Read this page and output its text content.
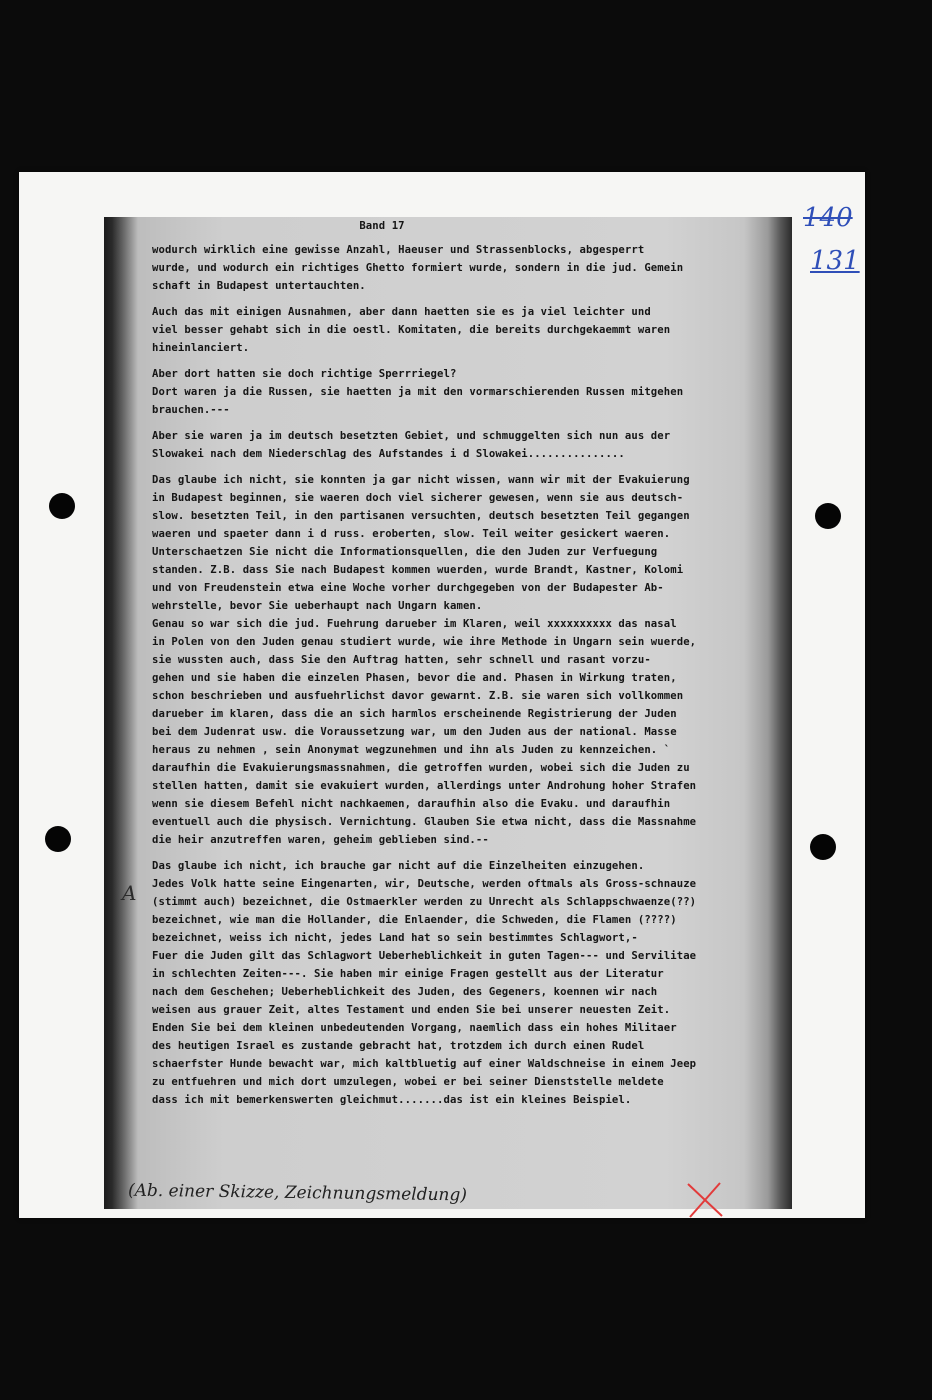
140
131
Band 17
wodurch wirklich eine gewisse Anzahl, Haeuser und Strassenblocks, abgesperrt
wurde, und wodurch ein richtiges Ghetto formiert wurde, sondern in die jud. Gemein
schaft in Budapest untertauchten.
Auch das mit einigen Ausnahmen, aber dann haetten sie es ja viel leichter und
viel besser gehabt sich in die oestl. Komitaten, die bereits durchgekaemmt waren
hineinlanciert.
Aber dort hatten sie doch richtige Sperrriegel?
Dort waren ja die Russen, sie haetten ja mit den vormarschierenden Russen mitgehen
brauchen.---
Aber sie waren ja im deutsch besetzten Gebiet, und schmuggelten sich nun aus der
Slowakei nach dem Niederschlag des Aufstandes i d Slowakei...............
Das glaube ich nicht, sie konnten ja gar nicht wissen, wann wir mit der Evakuierung
in Budapest beginnen, sie waeren doch viel sicherer gewesen, wenn sie aus deutsch-
slow. besetzten Teil, in den partisanen versuchten, deutsch besetzten Teil gegangen
waeren und spaeter dann i d russ. eroberten, slow. Teil weiter gesickert waeren.
Unterschaetzen Sie nicht die Informationsquellen, die den Juden zur Verfuegung
standen. Z.B. dass Sie nach Budapest kommen wuerden, wurde Brandt, Kastner, Kolomi
und von Freudenstein etwa eine Woche vorher durchgegeben von der Budapester Ab-
wehrstelle, bevor Sie ueberhaupt nach Ungarn kamen.
Genau so war sich die jud. Fuehrung darueber im Klaren, weil xxxxxxxxxx das nasal
in Polen von den Juden genau studiert wurde, wie ihre Methode in Ungarn sein wuerde,
sie wussten auch, dass Sie den Auftrag hatten, sehr schnell und rasant vorzu-
gehen und sie haben die einzelen Phasen, bevor die and. Phasen in Wirkung traten,
schon beschrieben und ausfuehrlichst davor gewarnt. Z.B. sie waren sich vollkommen
darueber im klaren, dass die an sich harmlos erscheinende Registrierung der Juden
bei dem Judenrat usw. die Voraussetzung war, um den Juden aus der national. Masse
heraus zu nehmen , sein Anonymat wegzunehmen und ihn als Juden zu kennzeichen. `
daraufhin die Evakuierungsmassnahmen, die getroffen wurden, wobei sich die Juden zu
stellen hatten, damit sie evakuiert wurden, allerdings unter Androhung hoher Strafen
wenn sie diesem Befehl nicht nachkaemen, daraufhin also die Evaku. und daraufhin
eventuell auch die physisch. Vernichtung. Glauben Sie etwa nicht, dass die Massnahme
die heir anzutreffen waren, geheim geblieben sind.--
Das glaube ich nicht, ich brauche gar nicht auf die Einzelheiten einzugehen.
Jedes Volk hatte seine Eingenarten, wir, Deutsche, werden oftmals als Gross-schnauze
(stimmt auch) bezeichnet, die Ostmaerkler werden zu Unrecht als Schlappschwaenze(??)
bezeichnet, wie man die Hollander, die Enlaender, die Schweden, die Flamen (????)
bezeichnet, weiss ich nicht, jedes Land hat so sein bestimmtes Schlagwort,-
Fuer die Juden gilt das Schlagwort Ueberheblichkeit in guten Tagen--- und Servilitae
in schlechten Zeiten---. Sie haben mir einige Fragen gestellt aus der Literatur
nach dem Geschehen; Ueberheblichkeit des Juden, des Gegeners, koennen wir nach
weisen aus grauer Zeit, altes Testament und enden Sie bei unserer neuesten Zeit.
Enden Sie bei dem kleinen unbedeutenden Vorgang, naemlich dass ein hohes Militaer
des heutigen Israel es zustande gebracht hat, trotzdem ich durch einen Rudel
schaerfster Hunde bewacht war, mich kaltbluetig auf einer Waldschneise in einem Jeep
zu entfuehren und mich dort umzulegen, wobei er bei seiner Dienststelle meldete
dass ich mit bemerkenswerten gleichmut.......das ist ein kleines Beispiel.
A
(Ab. einer Skizze, Zeichnungsmeldung)
